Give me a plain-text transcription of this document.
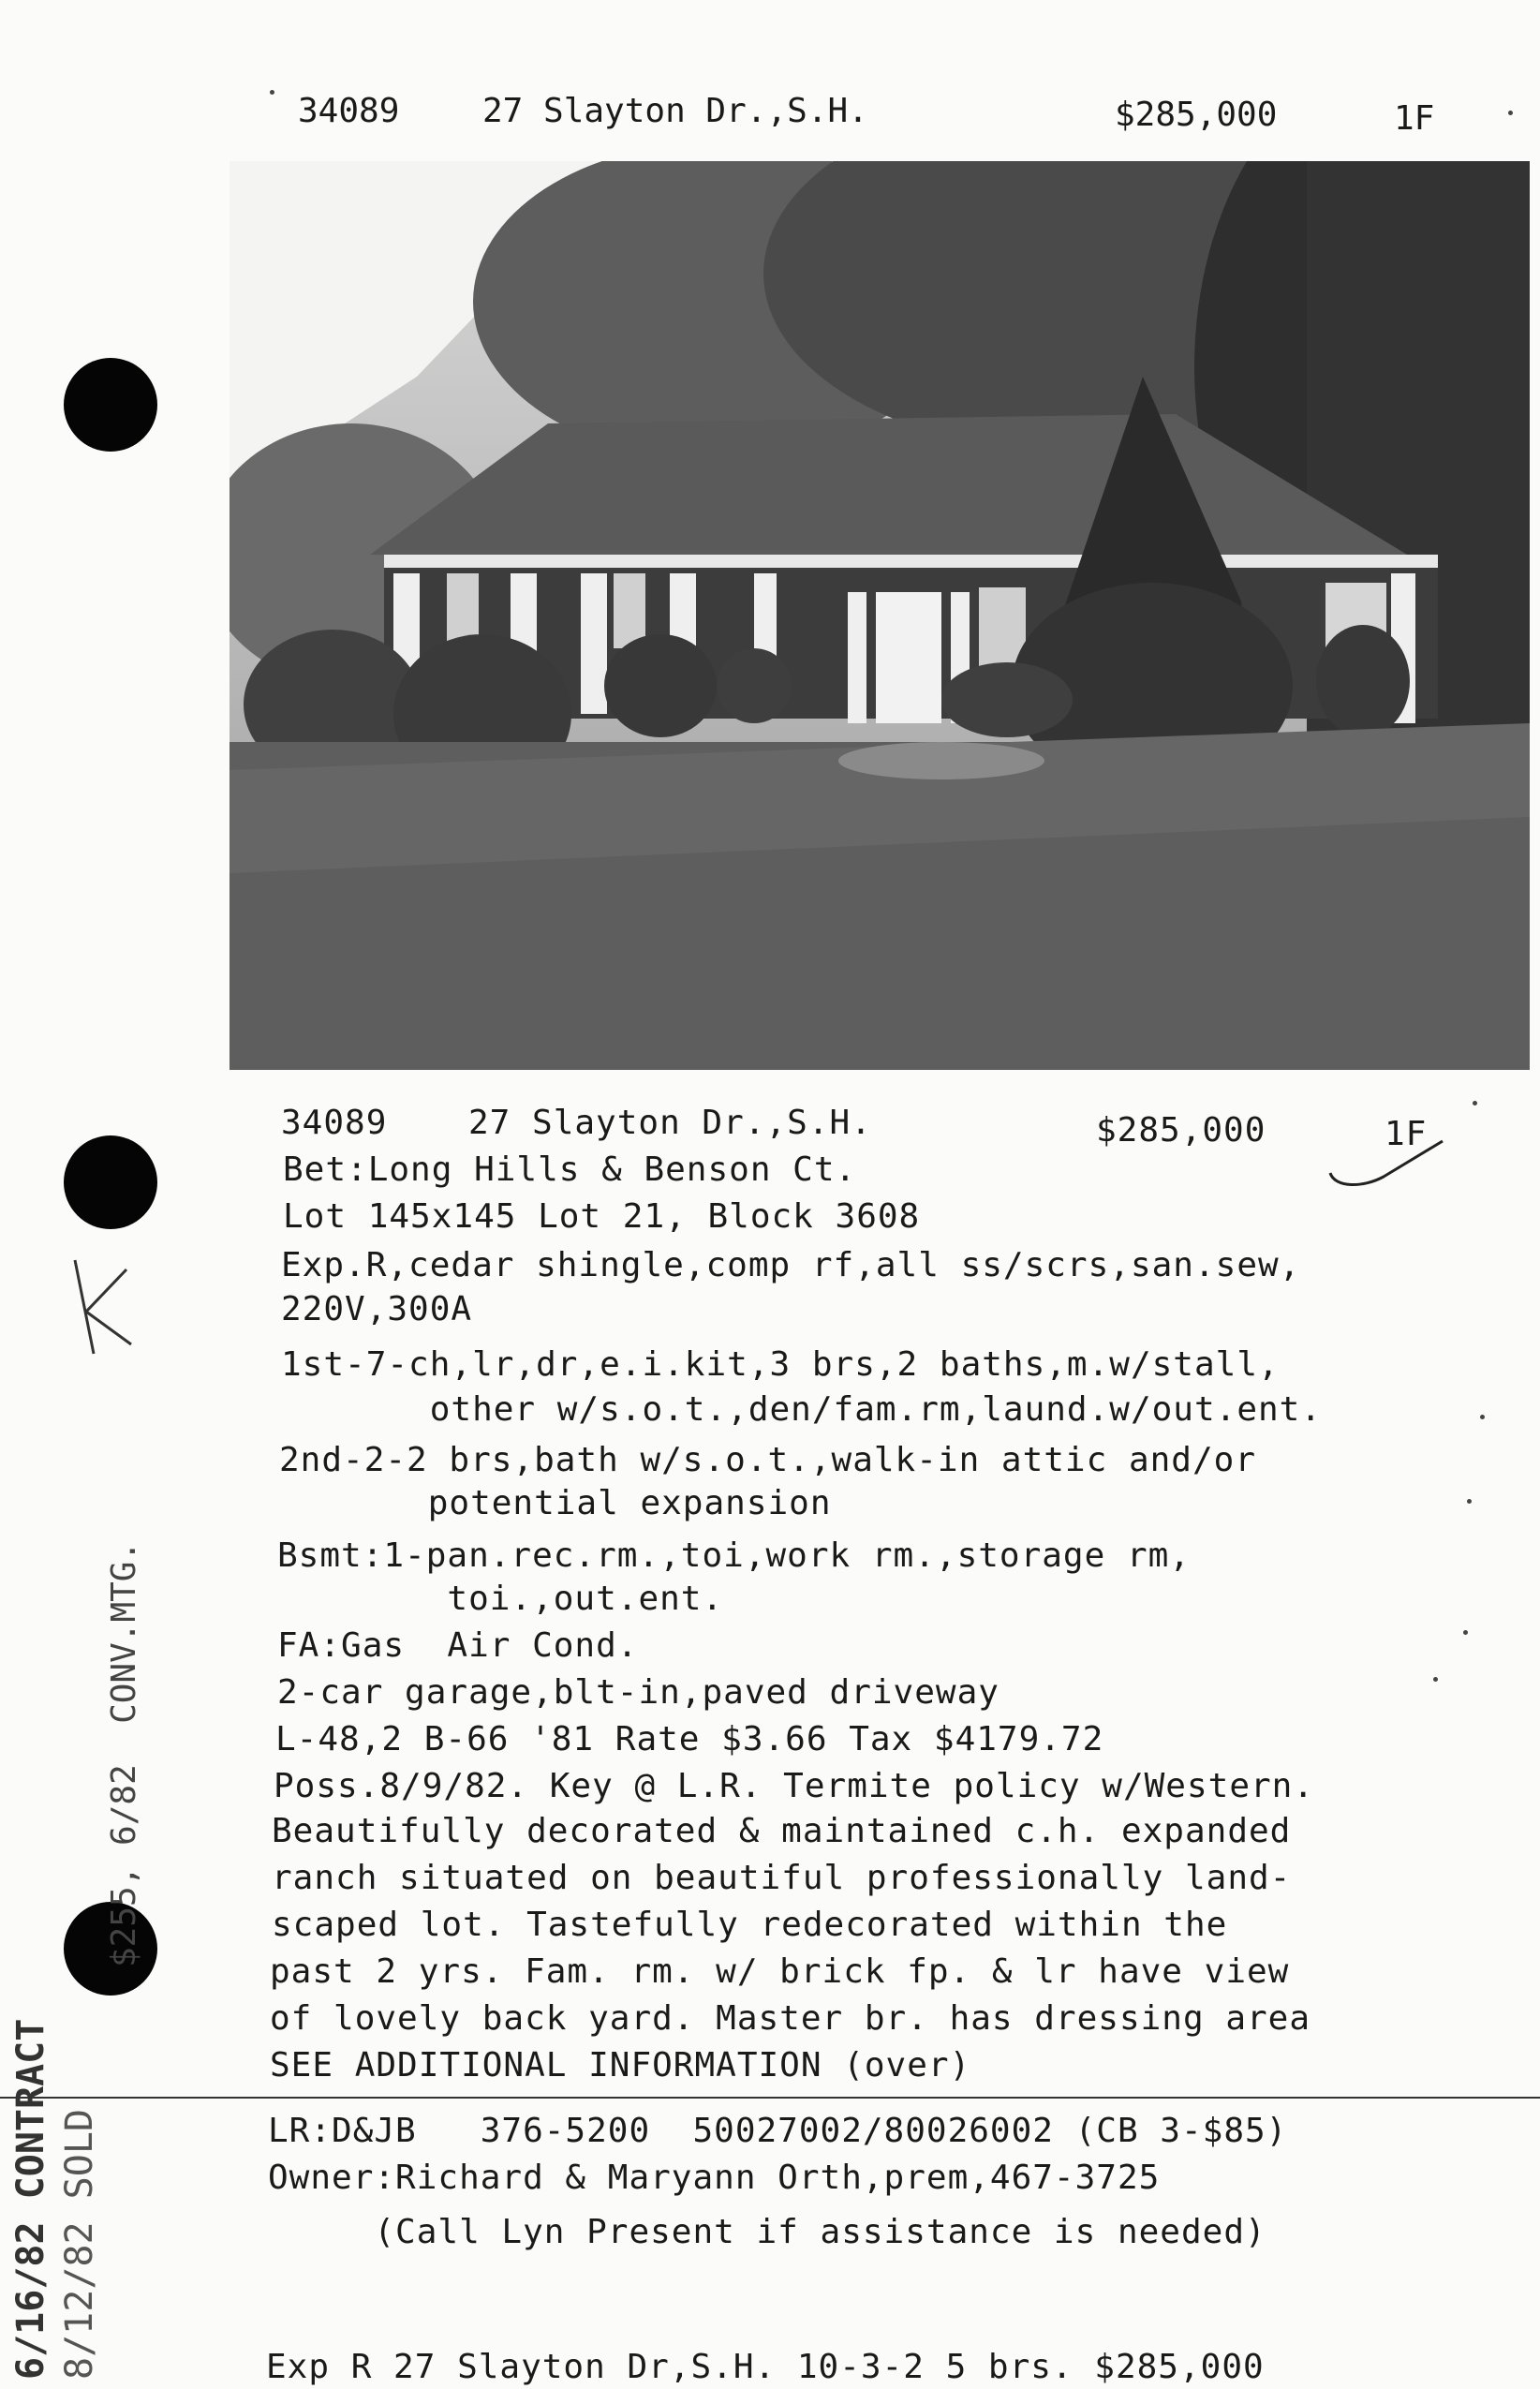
34089 27 Slayton Dr.,S.H.	$285,000	1F
34089 27 Slayton Dr.,S.H.	$285,000	1F
Bet:Long Hills & Benson Ct.
Lot 145x145 Lot 21, Block 3608
Exp.R,cedar shingle,comp rf,all ss/scrs,san.sew,
220V,300A
1st-7-ch,lr,dr,e.i.kit,3 brs,2 baths,m.w/stall,
other w/s.o.t.,den/fam.rm,laund.w/out.ent.
2nd-2-2 brs,bath w/s.o.t.,walk-in attic and/or
potential expansion
Bsmt:1-pan.rec.rm.,toi,work rm.,storage rm,
toi.,out.ent.
FA:Gas  Air Cond.
2-car garage,blt-in,paved driveway
L-48,2 B-66 '81 Rate $3.66 Tax $4179.72
Poss.8/9/82. Key @ L.R. Termite policy w/Western.
Beautifully decorated & maintained c.h. expanded
ranch situated on beautiful professionally land-
scaped lot. Tastefully redecorated within the
past 2 yrs. Fam. rm. w/ brick fp. & lr have view
of lovely back yard. Master br. has dressing area
SEE ADDITIONAL INFORMATION (over)
LR:D&JB   376-5200  50027002/80026002 (CB 3-$85)
Owner:Richard & Maryann Orth,prem,467-3725
(Call Lyn Present if assistance is needed)
Exp R 27 Slayton Dr,S.H. 10-3-2 5 brs. $285,000
$255, 6/82  CONV.MTG.
6/16/82 CONTRACT 8/12/82 SOLD
